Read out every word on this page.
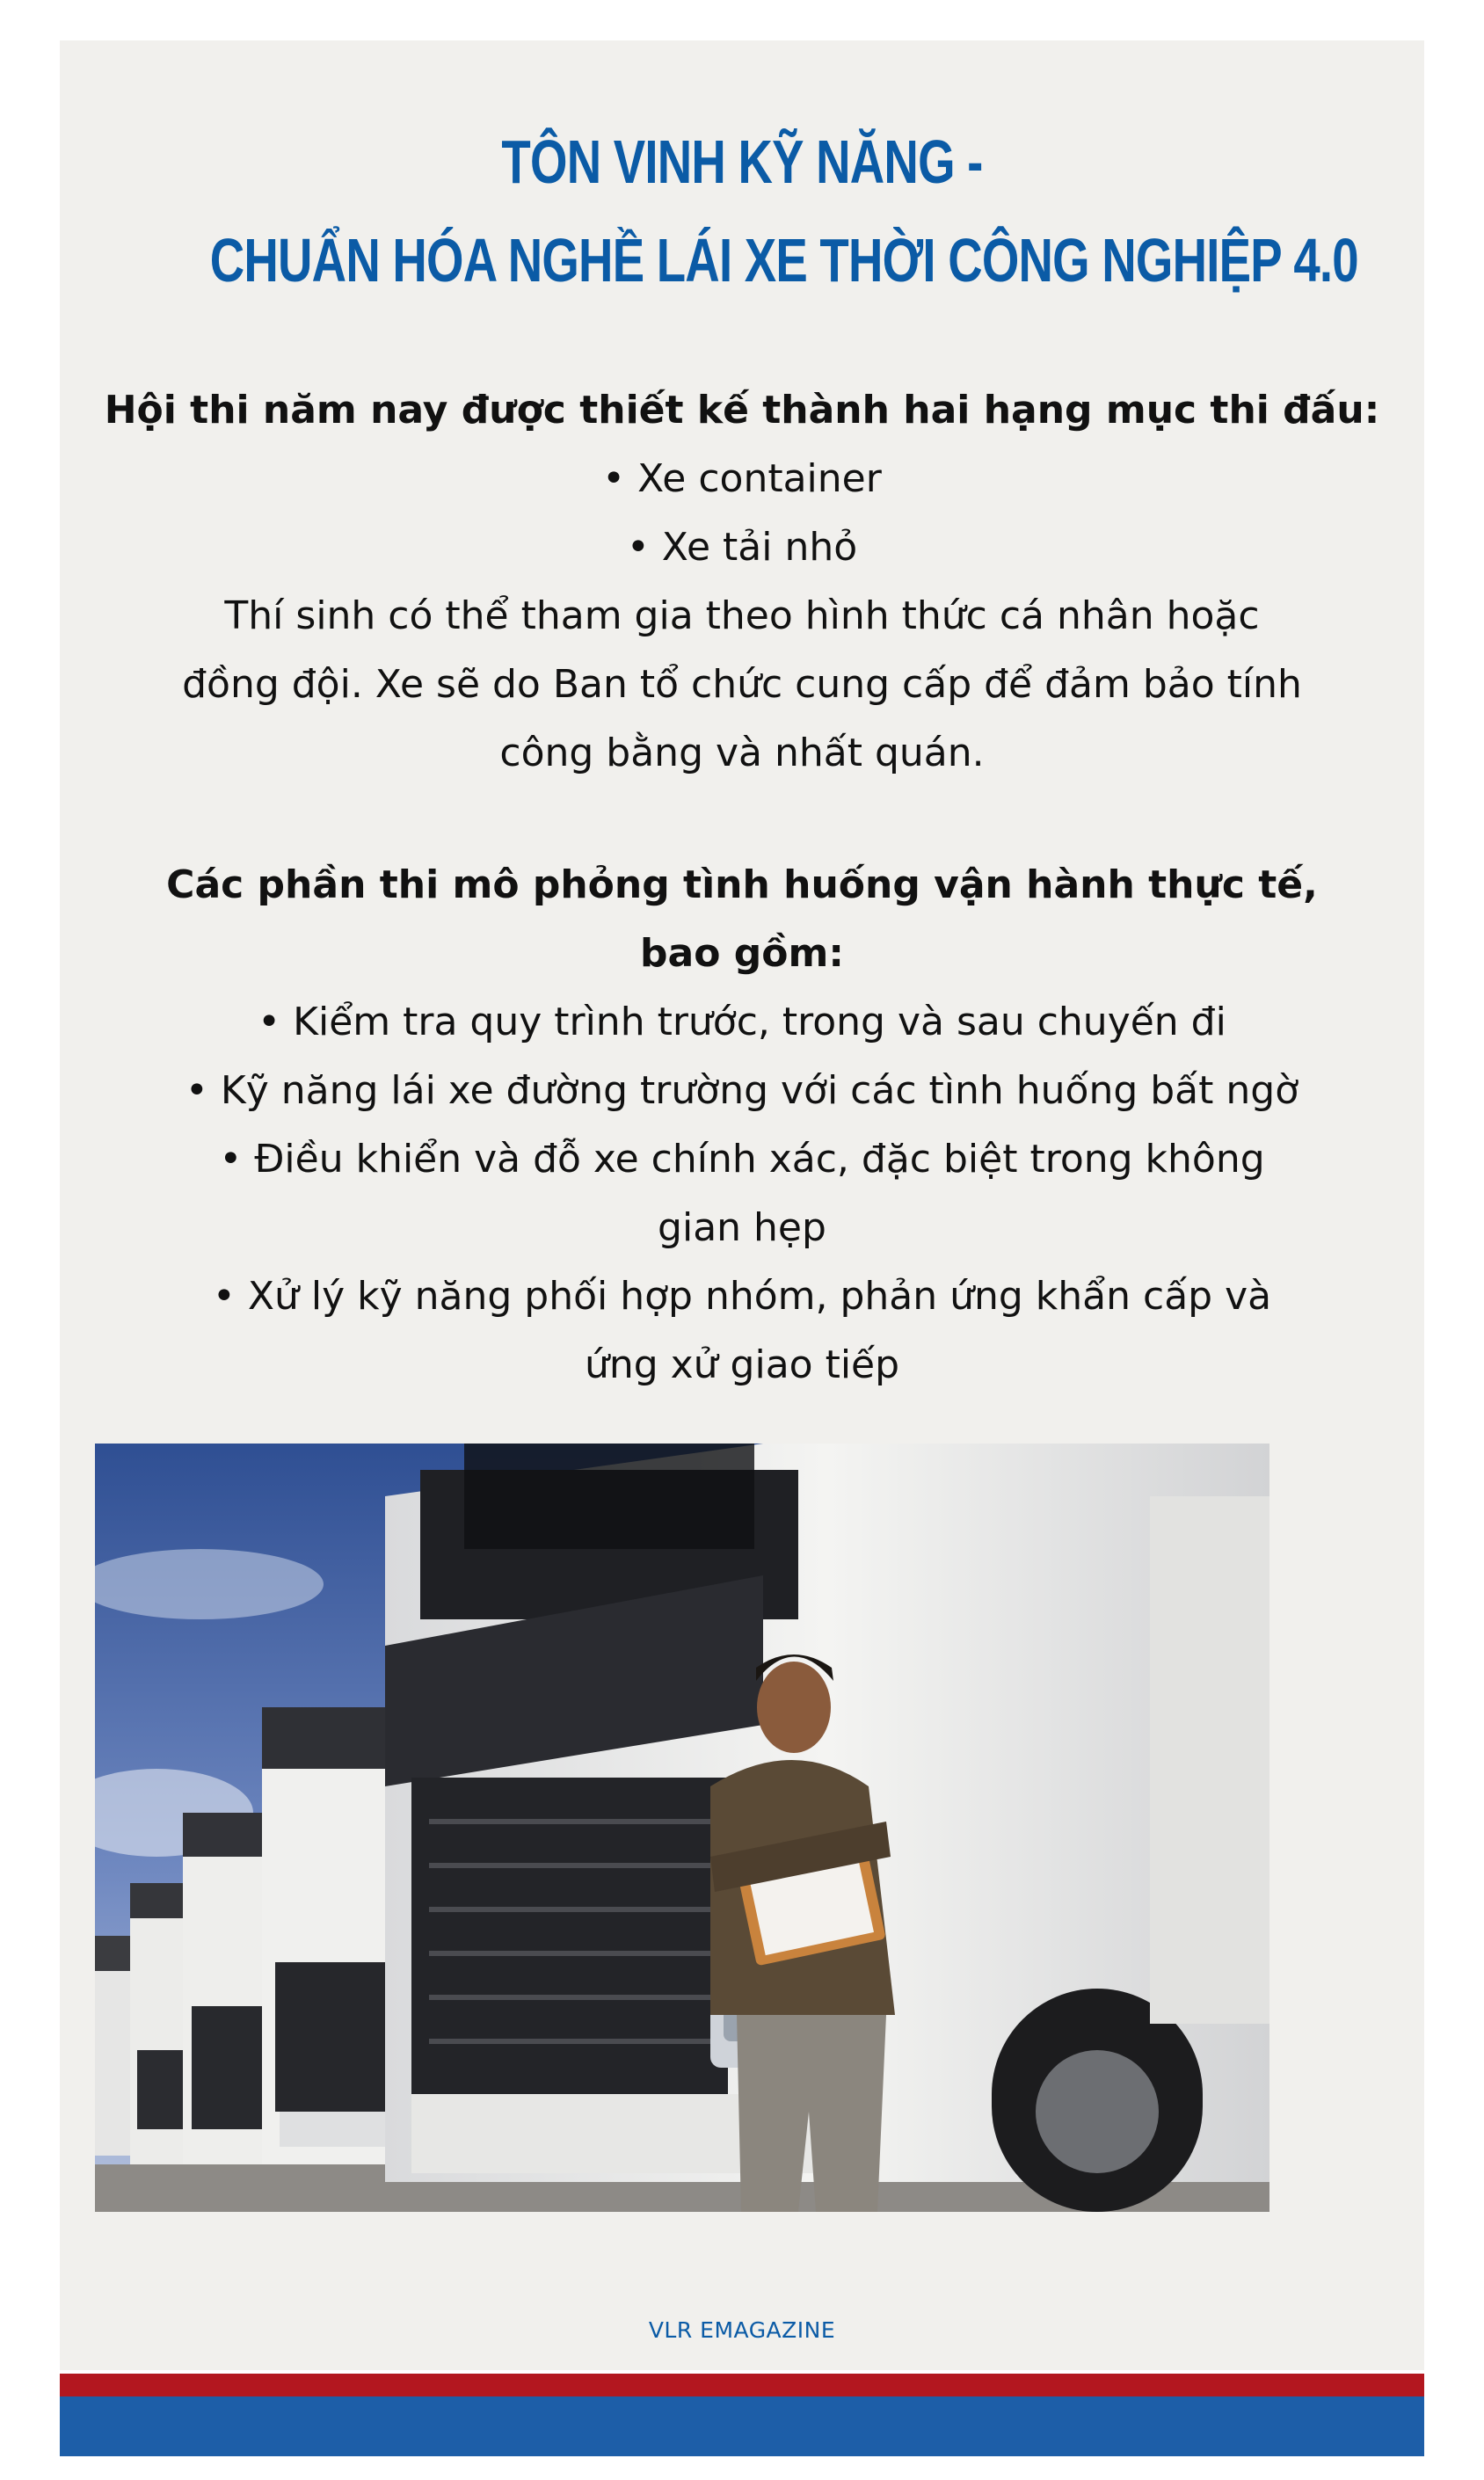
TÔN VINH KỸ NĂNG -
CHUẨN HÓA NGHỀ LÁI XE THỜI CÔNG NGHIỆP 4.0
Hội thi năm nay được thiết kế thành hai hạng mục thi đấu:
• Xe container
• Xe tải nhỏ
Thí sinh có thể tham gia theo hình thức cá nhân hoặc
đồng đội. Xe sẽ do Ban tổ chức cung cấp để đảm bảo tính
công bằng và nhất quán.
Các phần thi mô phỏng tình huống vận hành thực tế,
bao gồm:
• Kiểm tra quy trình trước, trong và sau chuyến đi
• Kỹ năng lái xe đường trường với các tình huống bất ngờ
• Điều khiển và đỗ xe chính xác, đặc biệt trong không
gian hẹp
• Xử lý kỹ năng phối hợp nhóm, phản ứng khẩn cấp và
ứng xử giao tiếp
VLR EMAGAZINE
